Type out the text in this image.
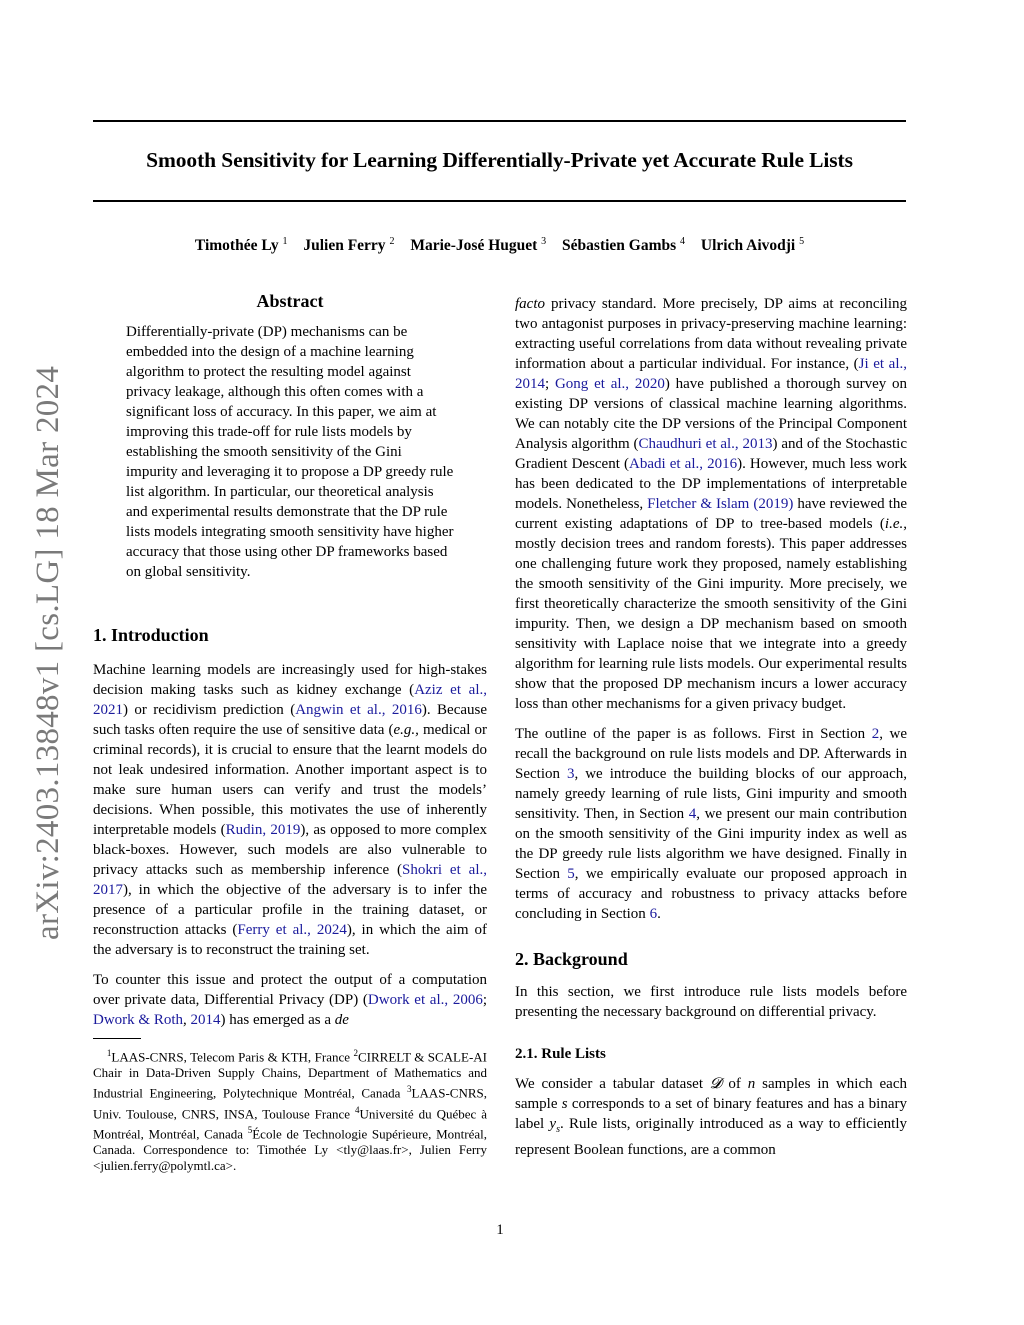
Smooth Sensitivity for Learning Differentially-Private yet Accurate Rule Lists
Timothée Ly $^1$ Julien Ferry $^2$ Marie-José Huguet $^3$ Sébastien Gambs $^4$ Ulrich Aivodji $^5$
arXiv:2403.13848v1 [cs.LG] 18 Mar 2024
Abstract

Differentially-private (DP) mechanisms can be embedded into the design of a machine learning algorithm to protect the resulting model against privacy leakage, although this often comes with a significant loss of accuracy. In this paper, we aim at improving this trade-off for rule lists models by establishing the smooth sensitivity of the Gini impurity and leveraging it to propose a DP greedy rule list algorithm. In particular, our theoretical analysis and experimental results demonstrate that the DP rule lists models integrating smooth sensitivity have higher accuracy that those using other DP frameworks based on global sensitivity.

1. Introduction

Machine learning models are increasingly used for high-stakes decision making tasks such as kidney exchange (Aziz et al., 2021) or recidivism prediction (Angwin et al., 2016). Because such tasks often require the use of sensitive data (e.g., medical or criminal records), it is crucial to ensure that the learnt models do not leak undesired information. Another important aspect is to make sure human users can verify and trust the models’ decisions. When possible, this motivates the use of inherently interpretable models (Rudin, 2019), as opposed to more complex black-boxes. However, such models are also vulnerable to privacy attacks such as membership inference (Shokri et al., 2017), in which the objective of the adversary is to infer the presence of a particular profile in the training dataset, or reconstruction attacks (Ferry et al., 2024), in which the aim of the adversary is to reconstruct the training set.

To counter this issue and protect the output of a computation over private data, Differential Privacy (DP) (Dwork et al., 2006; Dwork & Roth, 2014) has emerged as a de

$^1$LAAS-CNRS, Telecom Paris & KTH, France $^2$CIRRELT & SCALE-AI Chair in Data-Driven Supply Chains, Department of Mathematics and Industrial Engineering, Polytechnique Montréal, Canada $^3$LAAS-CNRS, Univ. Toulouse, CNRS, INSA, Toulouse France $^4$Université du Québec à Montréal, Montréal, Canada $^5$École de Technologie Supérieure, Montréal, Canada. Correspondence to: Timothée Ly <tly@laas.fr>, Julien Ferry <julien.ferry@polymtl.ca>.

facto privacy standard. More precisely, DP aims at reconciling two antagonist purposes in privacy-preserving machine learning: extracting useful correlations from data without revealing private information about a particular individual. For instance, (Ji et al., 2014; Gong et al., 2020) have published a thorough survey on existing DP versions of classical machine learning algorithms. We can notably cite the DP versions of the Principal Component Analysis algorithm (Chaudhuri et al., 2013) and of the Stochastic Gradient Descent (Abadi et al., 2016). However, much less work has been dedicated to the DP implementations of interpretable models. Nonetheless, Fletcher & Islam (2019) have reviewed the current existing adaptations of DP to tree-based models (i.e., mostly decision trees and random forests). This paper addresses one challenging future work they proposed, namely establishing the smooth sensitivity of the Gini impurity. More precisely, we first theoretically characterize the smooth sensitivity of the Gini impurity. Then, we design a DP mechanism based on smooth sensitivity with Laplace noise that we integrate into a greedy algorithm for learning rule lists models. Our experimental results show that the proposed DP mechanism incurs a lower accuracy loss than other mechanisms for a given privacy budget.

The outline of the paper is as follows. First in Section 2, we recall the background on rule lists models and DP. Afterwards in Section 3, we introduce the building blocks of our approach, namely greedy learning of rule lists, Gini impurity and smooth sensitivity. Then, in Section 4, we present our main contribution on the smooth sensitivity of the Gini impurity index as well as the DP greedy rule lists algorithm we have designed. Finally in Section 5, we empirically evaluate our proposed approach in terms of accuracy and robustness to privacy attacks before concluding in Section 6.

2. Background

In this section, we first introduce rule lists models before presenting the necessary background on differential privacy.

2.1. Rule Lists

We consider a tabular dataset 𝓓 of n samples in which each sample s corresponds to a set of binary features and has a binary label $y_s$. Rule lists, originally introduced as a way to efficiently represent Boolean functions, are a common

1
